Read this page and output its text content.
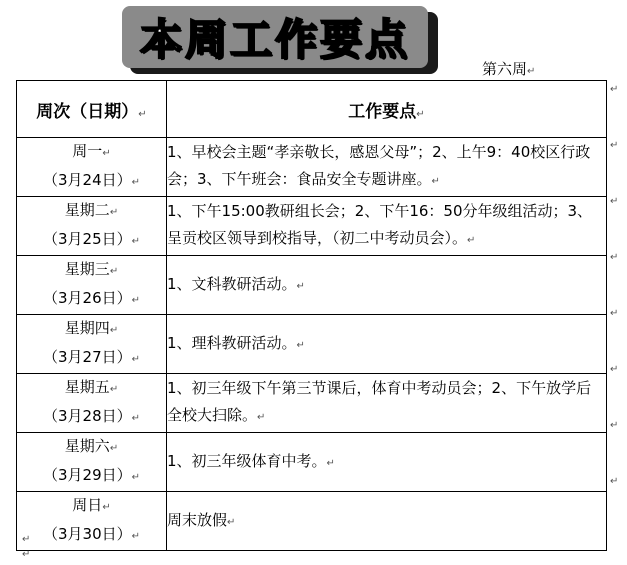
本周工作要点
第六周↵
周次（日期）↵	工作要点↵
周一↵
（3月24日）↵	1、早校会主题“孝亲敬长，感恩父母”；2、上午9：40校区行政会；3、下午班会：食品安全专题讲座。↵
星期二↵
（3月25日）↵	1、下午15:00教研组长会；2、下午16：50分年级组活动；3、呈贡校区领导到校指导，（初二中考动员会）。↵
星期三↵
（3月26日）↵	1、文科教研活动。↵
星期四↵
（3月27日）↵	1、理科教研活动。↵
星期五↵
（3月28日）↵	1、初三年级下午第三节课后，体育中考动员会；2、下午放学后全校大扫除。↵
星期六↵
（3月29日）↵	1、初三年级体育中考。↵
周日↵
（3月30日）↵	周末放假↵
↵
↵
↵
↵
↵
↵
↵
↵
↵
↵
